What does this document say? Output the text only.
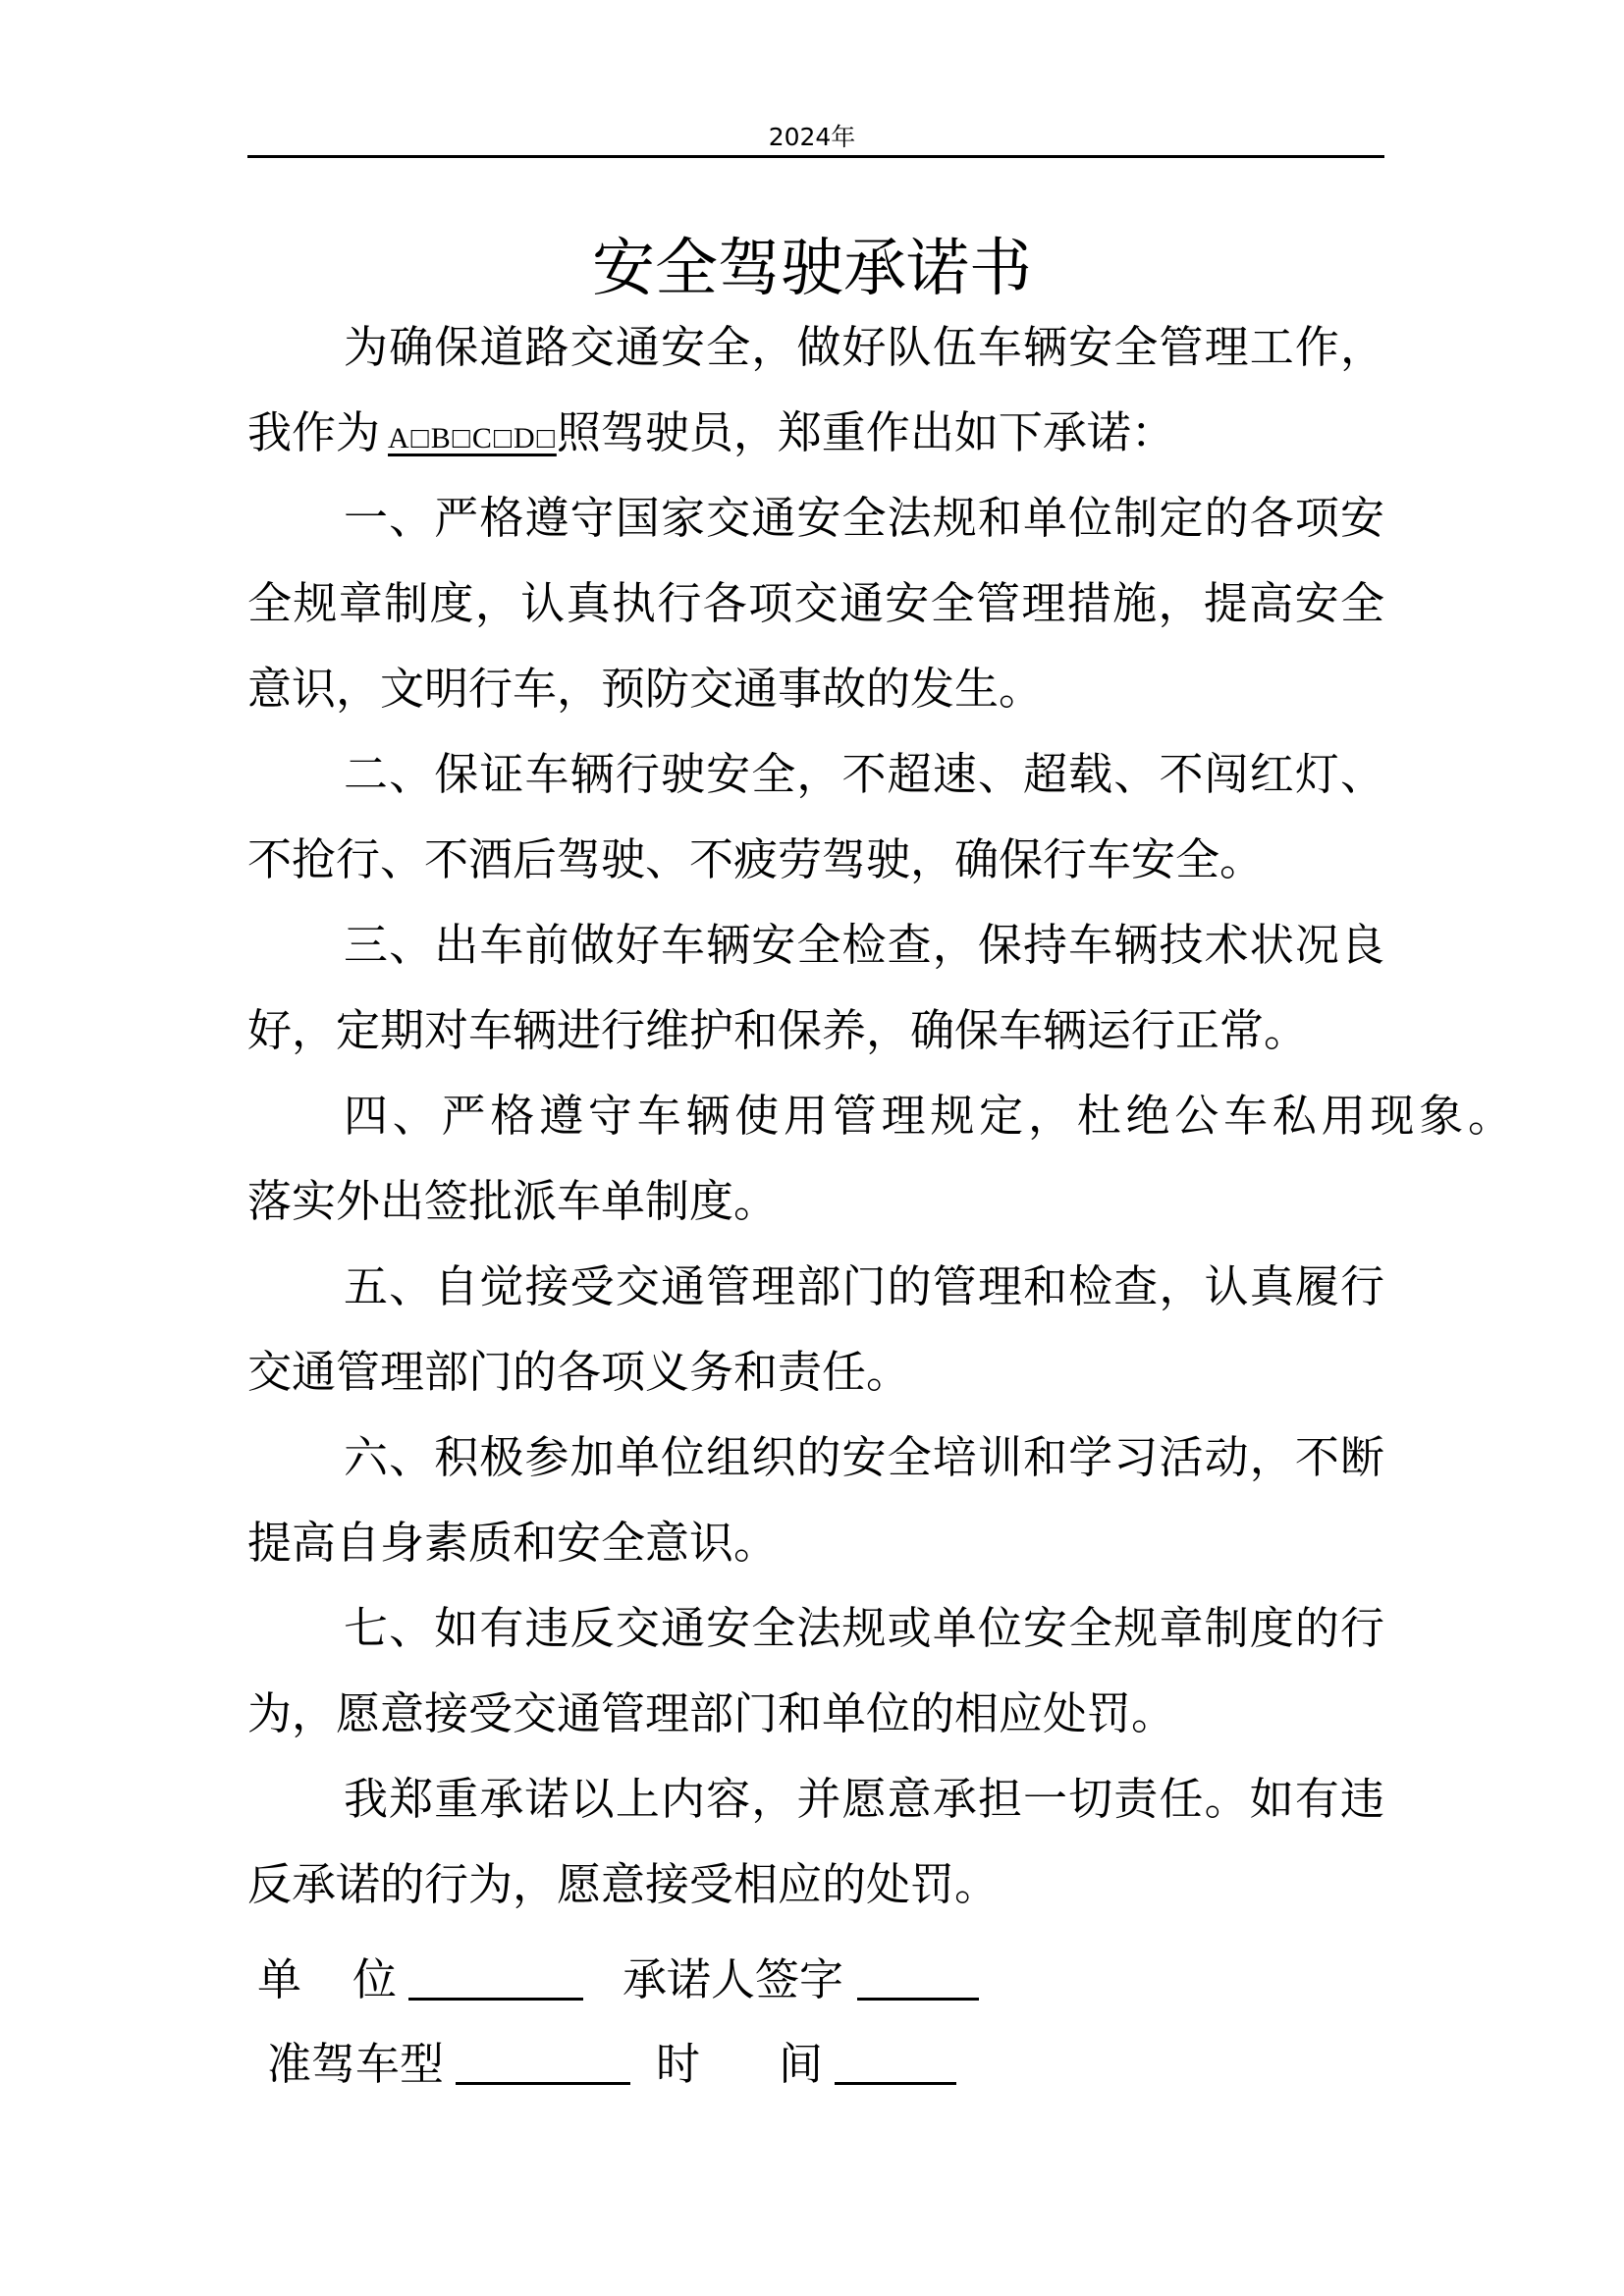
2024年
安全驾驶承诺书
为确保道路交通安全，做好队伍车辆安全管理工作，
我作为 A□B□C□D□照驾驶员，郑重作出如下承诺：
一、严格遵守国家交通安全法规和单位制定的各项安
全规章制度，认真执行各项交通安全管理措施，提高安全
意识，文明行车，预防交通事故的发生。
二、保证车辆行驶安全，不超速、超载、不闯红灯、
不抢行、不酒后驾驶、不疲劳驾驶，确保行车安全。
三、出车前做好车辆安全检查，保持车辆技术状况良
好，定期对车辆进行维护和保养，确保车辆运行正常。
四、严格遵守车辆使用管理规定，杜绝公车私用现象。
落实外出签批派车单制度。
五、自觉接受交通管理部门的管理和检查，认真履行
交通管理部门的各项义务和责任。
六、积极参加单位组织的安全培训和学习活动，不断
提高自身素质和安全意识。
七、如有违反交通安全法规或单位安全规章制度的行
为，愿意接受交通管理部门和单位的相应处罚。
我郑重承诺以上内容，并愿意承担一切责任。如有违
反承诺的行为，愿意接受相应的处罚。
单 位	承诺人签字
准驾车型	时 间
